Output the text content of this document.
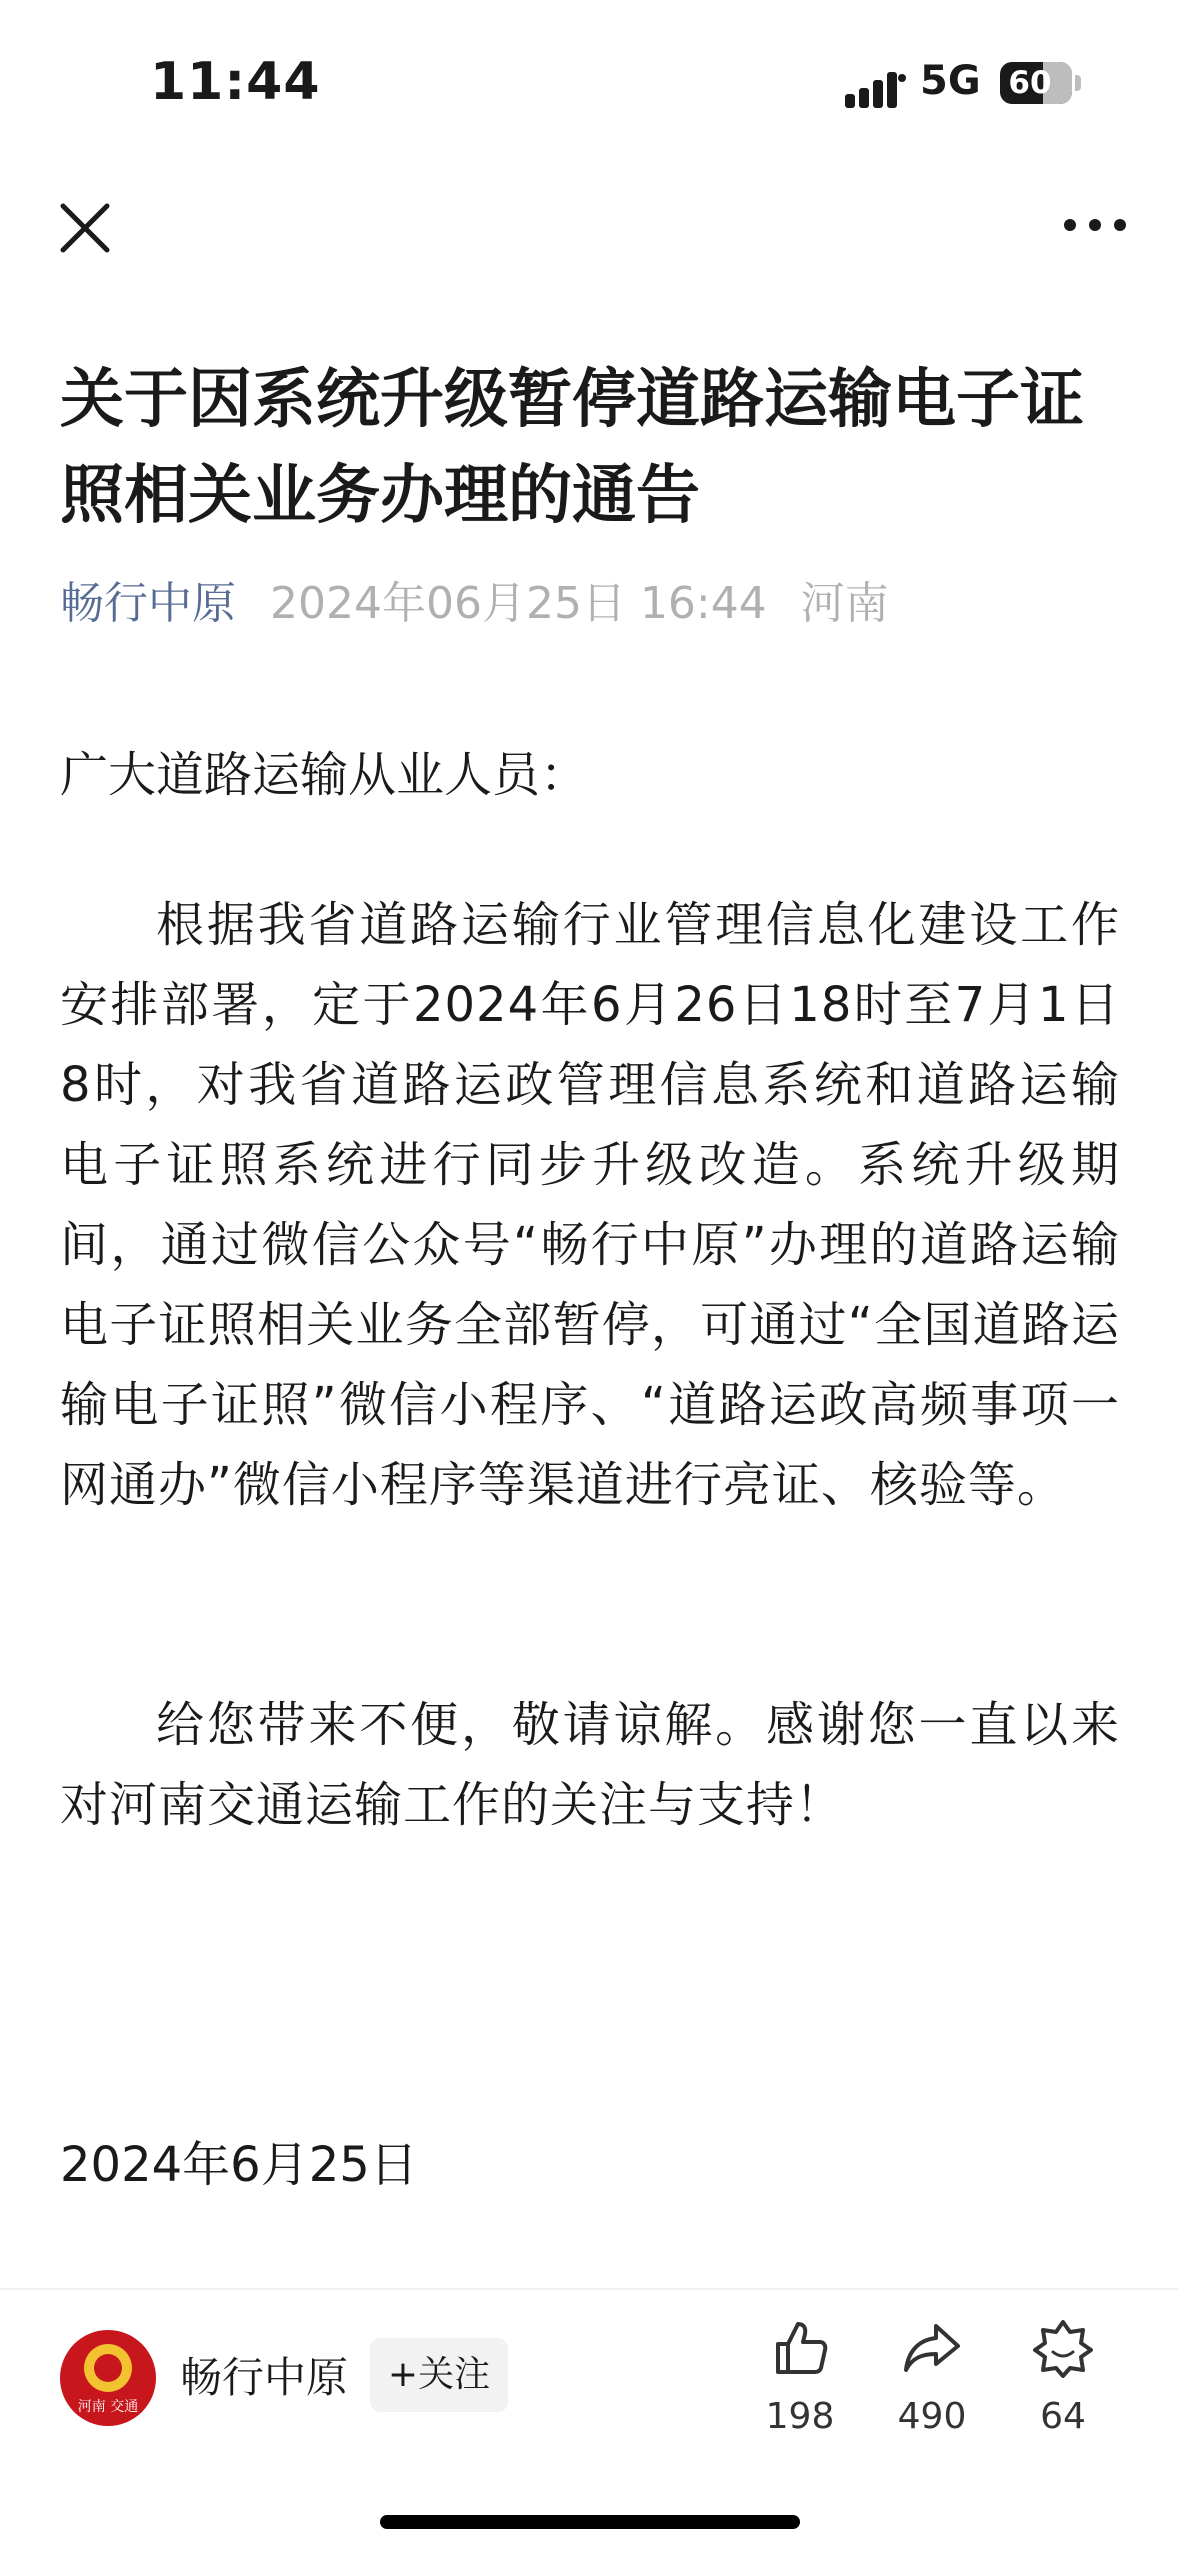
11:44	5G 60
关于因系统升级暂停道路运输电子证照相关业务办理的通告
畅行中原 2024年06月25日 16:44 河南
广大道路运输从业人员：
根据我省道路运输行业管理信息化建设工作安排部署，定于2024年6月26日18时至7月1日8时，对我省道路运政管理信息系统和道路运输电子证照系统进行同步升级改造。系统升级期间，通过微信公众号“畅行中原”办理的道路运输电子证照相关业务全部暂停，可通过“全国道路运输电子证照”微信小程序、“道路运政高频事项一网通办”微信小程序等渠道进行亮证、核验等。
给您带来不便，敬请谅解。感谢您一直以来对河南交通运输工作的关注与支持！
2024年6月25日
河南 交通
畅行中原	+关注
198	490	64
